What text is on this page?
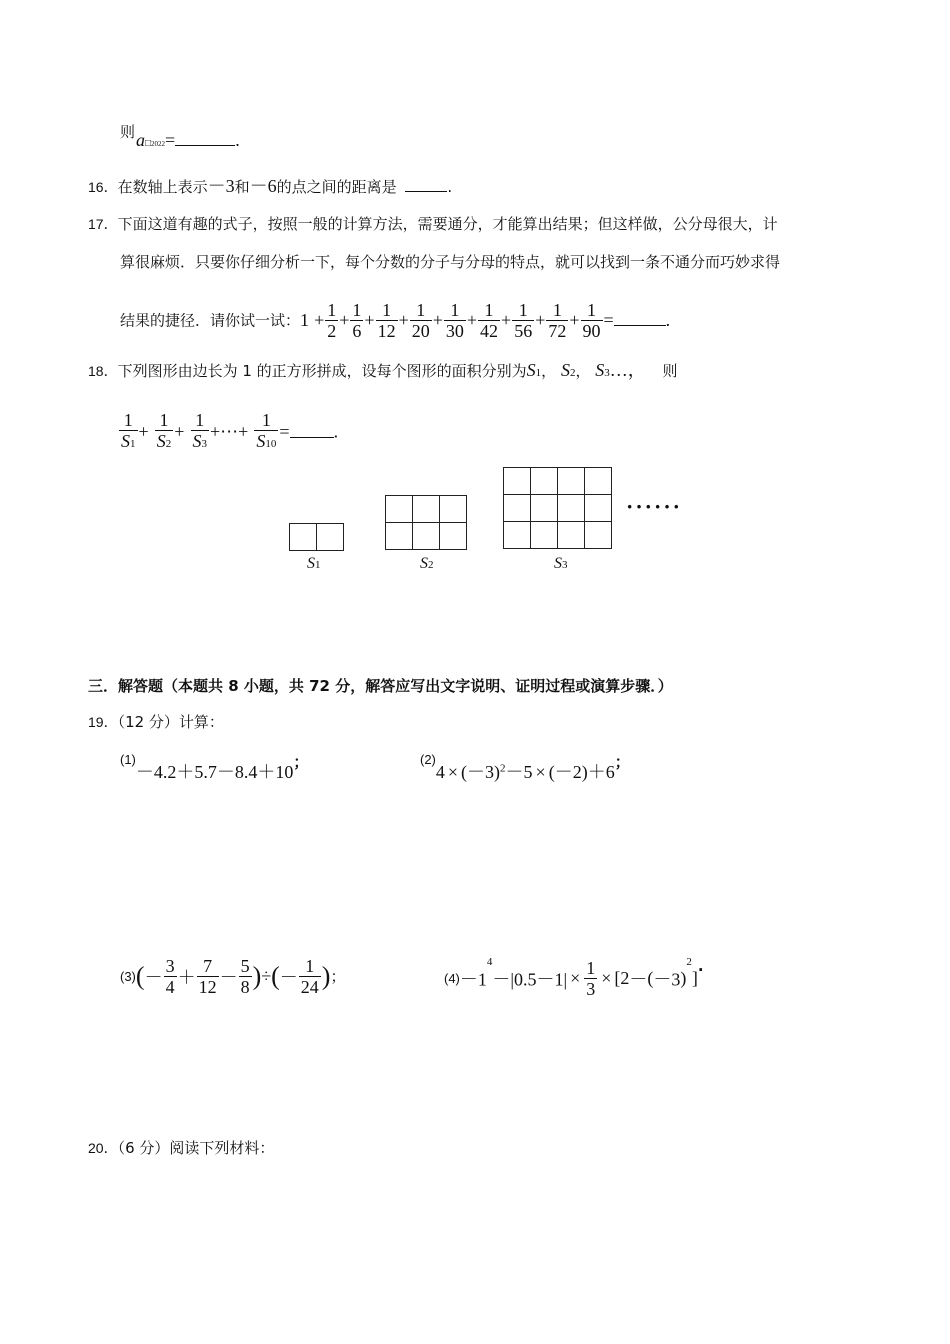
则 a□2022=	.
16．在数轴上表示－3和－6的点之间的距离是	.
17．下面这道有趣的式子，按照一般的计算方法，需要通分，才能算出结果；但这样做，公分母很大，计
算很麻烦．只要你仔细分析一下，每个分数的分子与分母的特点，就可以找到一条不通分而巧妙求得
结果的捷径．请你试一试：$1 + \frac{1}{2} + \frac{1}{6} + \frac{1}{12} + \frac{1}{20} + \frac{1}{30} + \frac{1}{42} + \frac{1}{56} + \frac{1}{72} + \frac{1}{90}$ =	.
18．下列图形由边长为 1 的正方形拼成，设每个图形的面积分别为S1， S2， S3…， 则
$\frac{1}{S1} + \frac{1}{S2} + \frac{1}{S3}$ +⋯+ $\frac{1}{S10}$ = .

S1

			S2

				S3
······
三．解答题（本题共 8 小题，共 72 分，解答应写出文字说明、证明过程或演算步骤．）
19．（12 分）计算：
$^{(1)}$－4.2＋5.7－8.4＋10；	$^{(2)}4 \times (-3)^2-5 \times (-2)+6$；
$(3)(- \frac{3}{4} + \frac{7}{12} - \frac{5}{8}$ )÷(－ $\frac{1}{24}$ )；	$(4)-1^4-|0.5-1| \times \frac{1}{3} \times [2-(-3)^2]$.
20．（6 分）阅读下列材料：
